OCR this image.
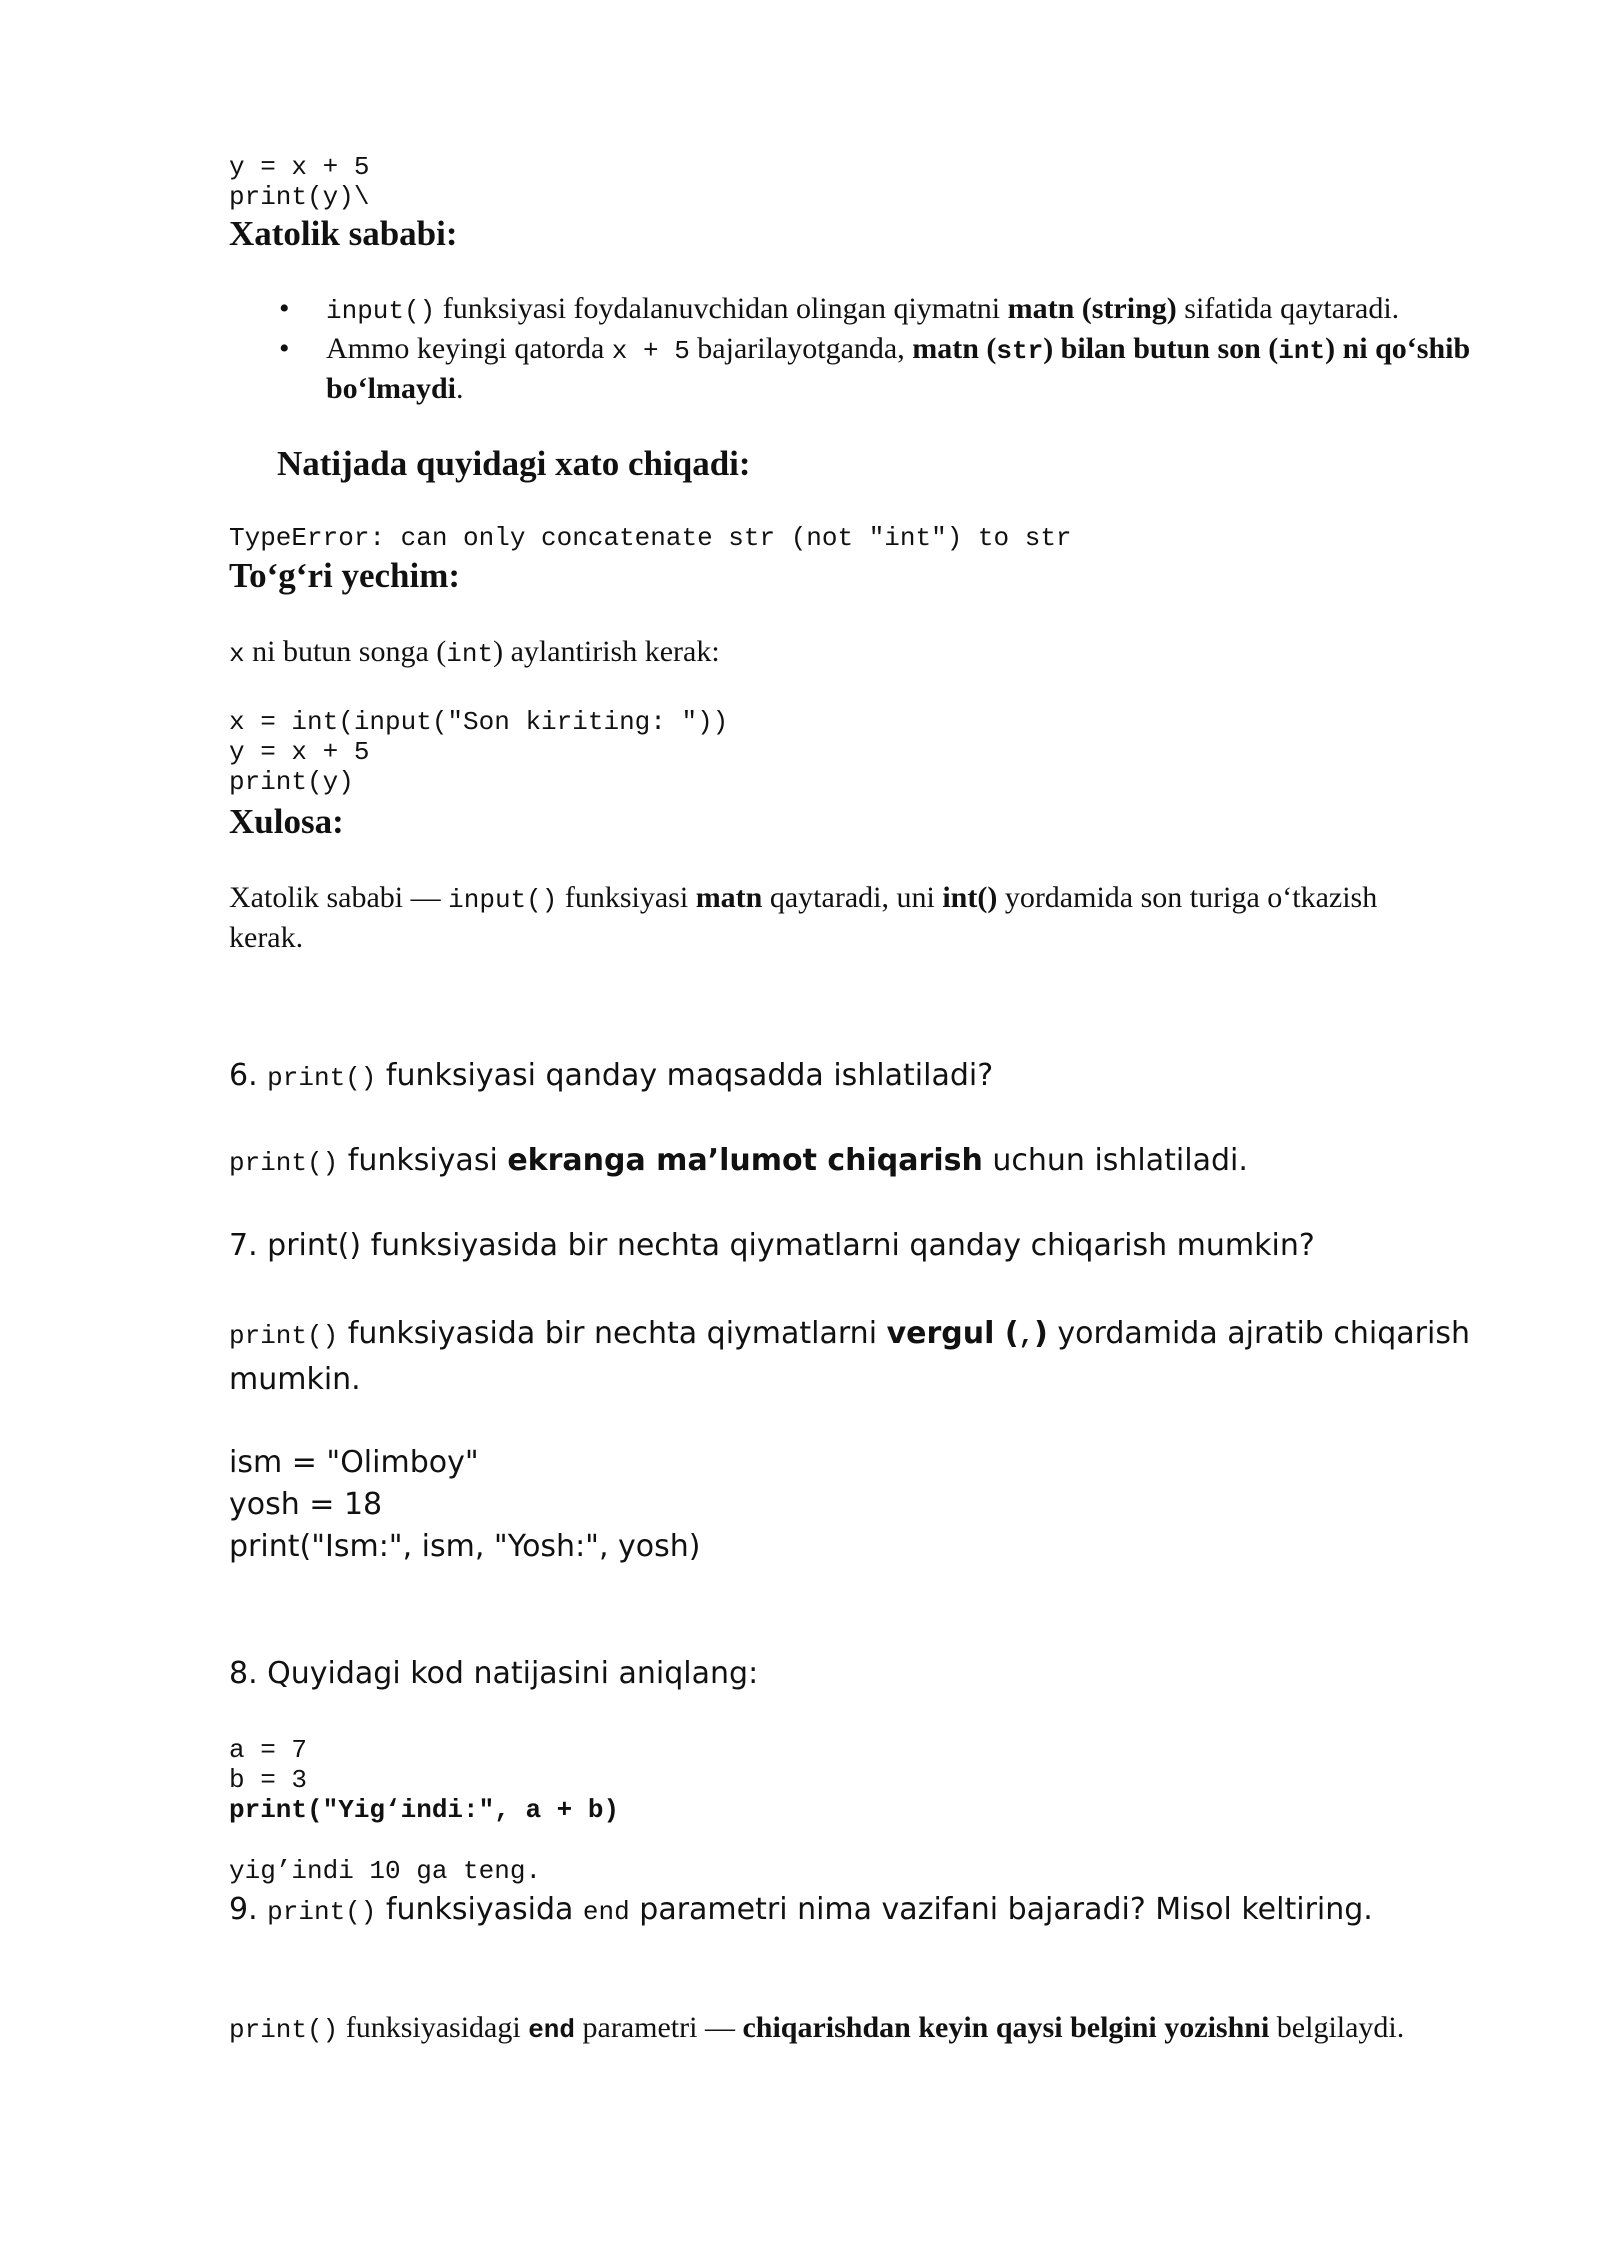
y = x + 5
print(y)\
Xatolik sababi:
• input() funksiyasi foydalanuvchidan olingan qiymatni matn (string) sifatida qaytaradi.
• Ammo keyingi qatorda x + 5 bajarilayotganda, matn (str) bilan butun son (int) ni qo‘shib bo‘lmaydi.
Natijada quyidagi xato chiqadi:
TypeError: can only concatenate str (not "int") to str
To‘g‘ri yechim:
x ni butun songa (int) aylantirish kerak:
x = int(input("Son kiriting: "))
y = x + 5
print(y)
Xulosa:
Xatolik sababi — input() funksiyasi matn qaytaradi, uni int() yordamida son turiga o‘tkazish
kerak.
6. print() funksiyasi qanday maqsadda ishlatiladi?
print() funksiyasi ekranga ma’lumot chiqarish uchun ishlatiladi.
7. print() funksiyasida bir nechta qiymatlarni qanday chiqarish mumkin?
print() funksiyasida bir nechta qiymatlarni vergul (,) yordamida ajratib chiqarish
mumkin.
ism = "Olimboy"
yosh = 18
print("Ism:", ism, "Yosh:", yosh)
8. Quyidagi kod natijasini aniqlang:
a = 7
b = 3
print("Yig‘indi:", a + b)
yig’indi 10 ga teng.
9. print() funksiyasida end parametri nima vazifani bajaradi? Misol keltiring.
print() funksiyasidagi end parametri — chiqarishdan keyin qaysi belgini yozishni belgilaydi.
